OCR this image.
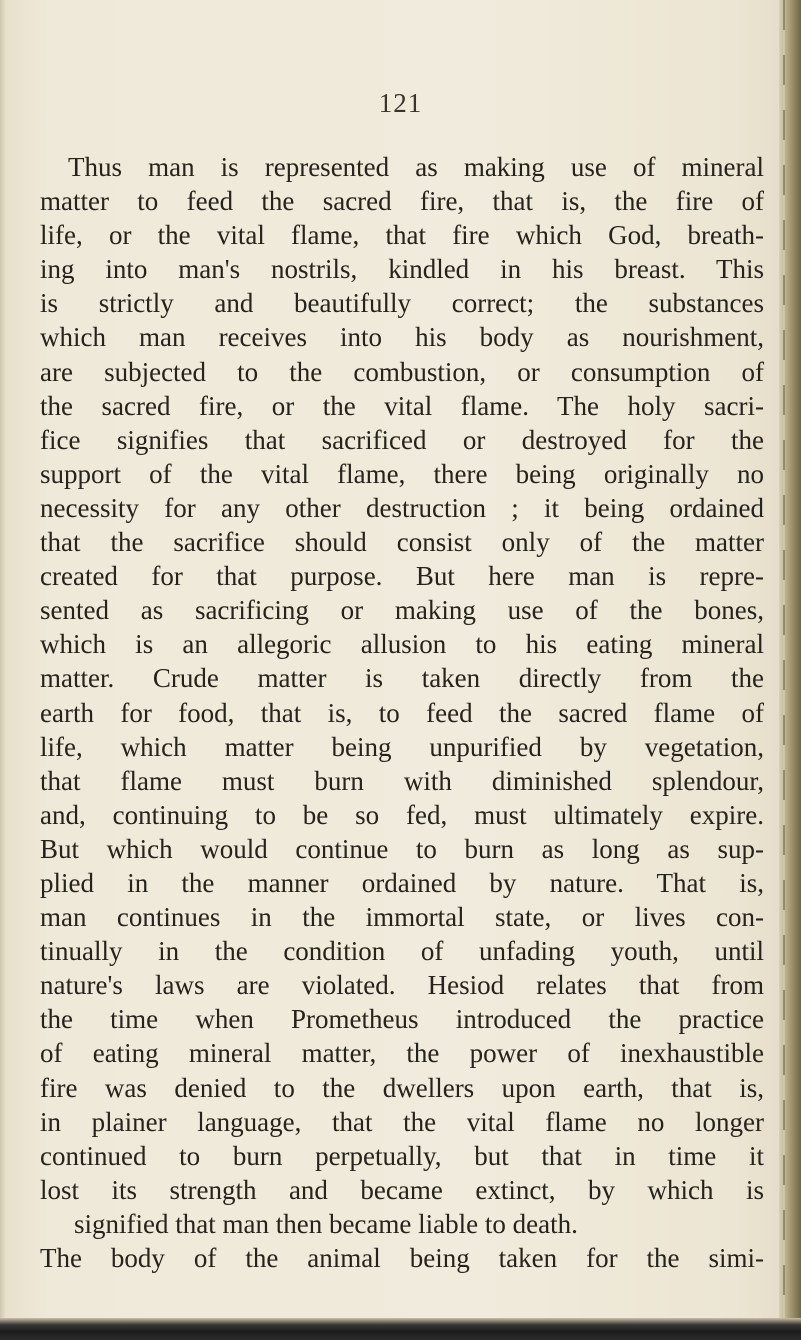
121
Thus man is represented as making use of mineral
matter to feed the sacred fire, that is, the fire of
life, or the vital flame, that fire which God, breath-
ing into man's nostrils, kindled in his breast. This
is strictly and beautifully correct; the substances
which man receives into his body as nourishment,
are subjected to the combustion, or consumption of
the sacred fire, or the vital flame. The holy sacri-
fice signifies that sacrificed or destroyed for the
support of the vital flame, there being originally no
necessity for any other destruction ; it being ordained
that the sacrifice should consist only of the matter
created for that purpose. But here man is repre-
sented as sacrificing or making use of the bones,
which is an allegoric allusion to his eating mineral
matter. Crude matter is taken directly from the
earth for food, that is, to feed the sacred flame of
life, which matter being unpurified by vegetation,
that flame must burn with diminished splendour,
and, continuing to be so fed, must ultimately expire.
But which would continue to burn as long as sup-
plied in the manner ordained by nature. That is,
man continues in the immortal state, or lives con-
tinually in the condition of unfading youth, until
nature's laws are violated. Hesiod relates that from
the time when Prometheus introduced the practice
of eating mineral matter, the power of inexhaustible
fire was denied to the dwellers upon earth, that is,
in plainer language, that the vital flame no longer
continued to burn perpetually, but that in time it
lost its strength and became extinct, by which is
signified that man then became liable to death.
The body of the animal being taken for the simi-
